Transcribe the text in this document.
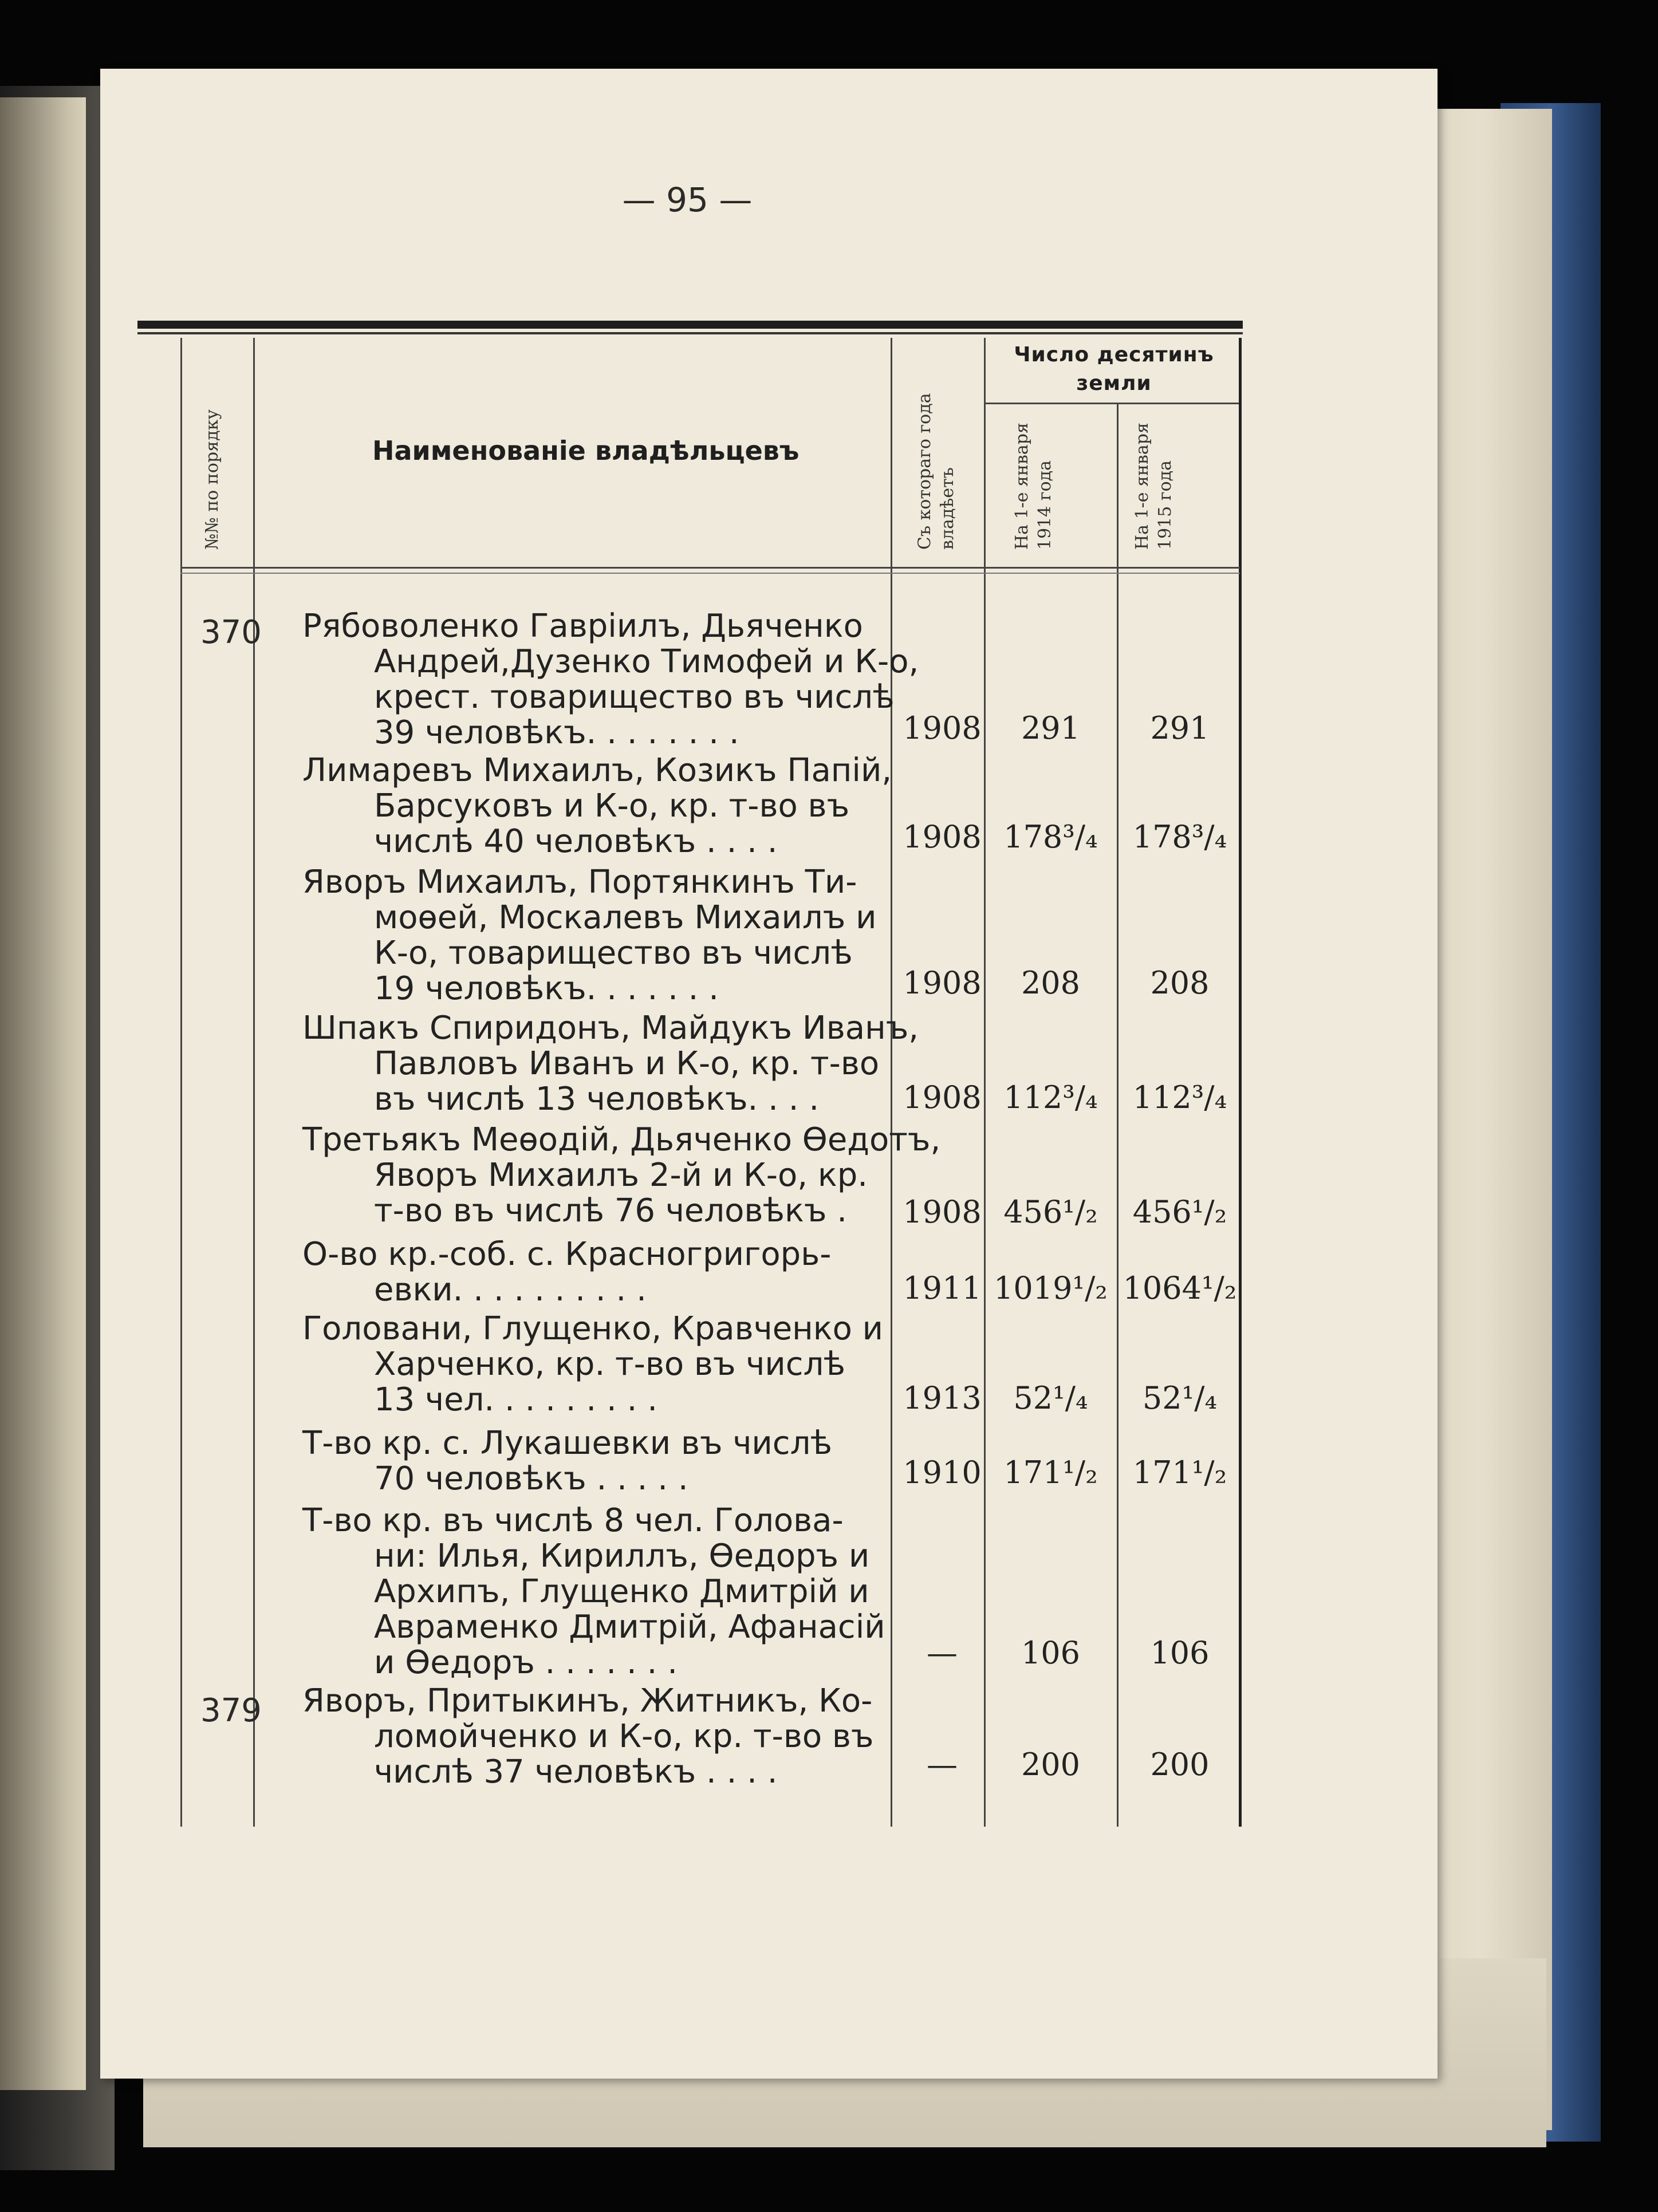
— 95 —
№№ по порядку	Наименованіе владѣльцевъ	Съ котораго года владѣетъ
Число десятинъ земли
На 1-е января 1914 года	На 1-е января 1915 года
370 Рябоволенко Гавріилъ, Дьяченко
Андрей,Дузенко Тимофей и К-о,
крест. товарищество въ числѣ
39 человѣкъ. . . . . . . .	1908	291	291
Лимаревъ Михаилъ, Козикъ Папій,
Барсуковъ и К-о, кр. т-во въ
числѣ 40 человѣкъ . . . .	1908 178³/₄	178³/₄
Яворъ Михаилъ, Портянкинъ Ти-
моѳей, Москалевъ Михаилъ и
К-о, товарищество въ числѣ
19 человѣкъ. . . . . . .	1908	208	208
Шпакъ Спиридонъ, Майдукъ Иванъ,
Павловъ Иванъ и К-о, кр. т-во
въ числѣ 13 человѣкъ. . . .	1908 112³/₄	112³/₄
Третьякъ Меѳодій, Дьяченко Ѳедотъ,
Яворъ Михаилъ 2-й и К-о, кр.
т-во въ числѣ 76 человѣкъ .	1908 456¹/₂	456¹/₂
О-во кр.-соб. с. Красногригорь-
евки. . . . . . . . . .	1911 1019¹/₂ 1064¹/₂
Головани, Глущенко, Кравченко и
Харченко, кр. т-во въ числѣ
13 чел. . . . . . . . .	1913	52¹/₄	52¹/₄
Т-во кр. с. Лукашевки въ числѣ
70 человѣкъ . . . . .	1910 171¹/₂	171¹/₂
Т-во кр. въ числѣ 8 чел. Голова-
ни: Илья, Кириллъ, Ѳедоръ и
Архипъ, Глущенко Дмитрій и
Авраменко Дмитрій, Афанасій
и Ѳедоръ . . . . . . .	—	106	106
379 Яворъ, Притыкинъ, Житникъ, Ко-
ломойченко и К-о, кр. т-во въ
числѣ 37 человѣкъ . . . .	—	200	200
